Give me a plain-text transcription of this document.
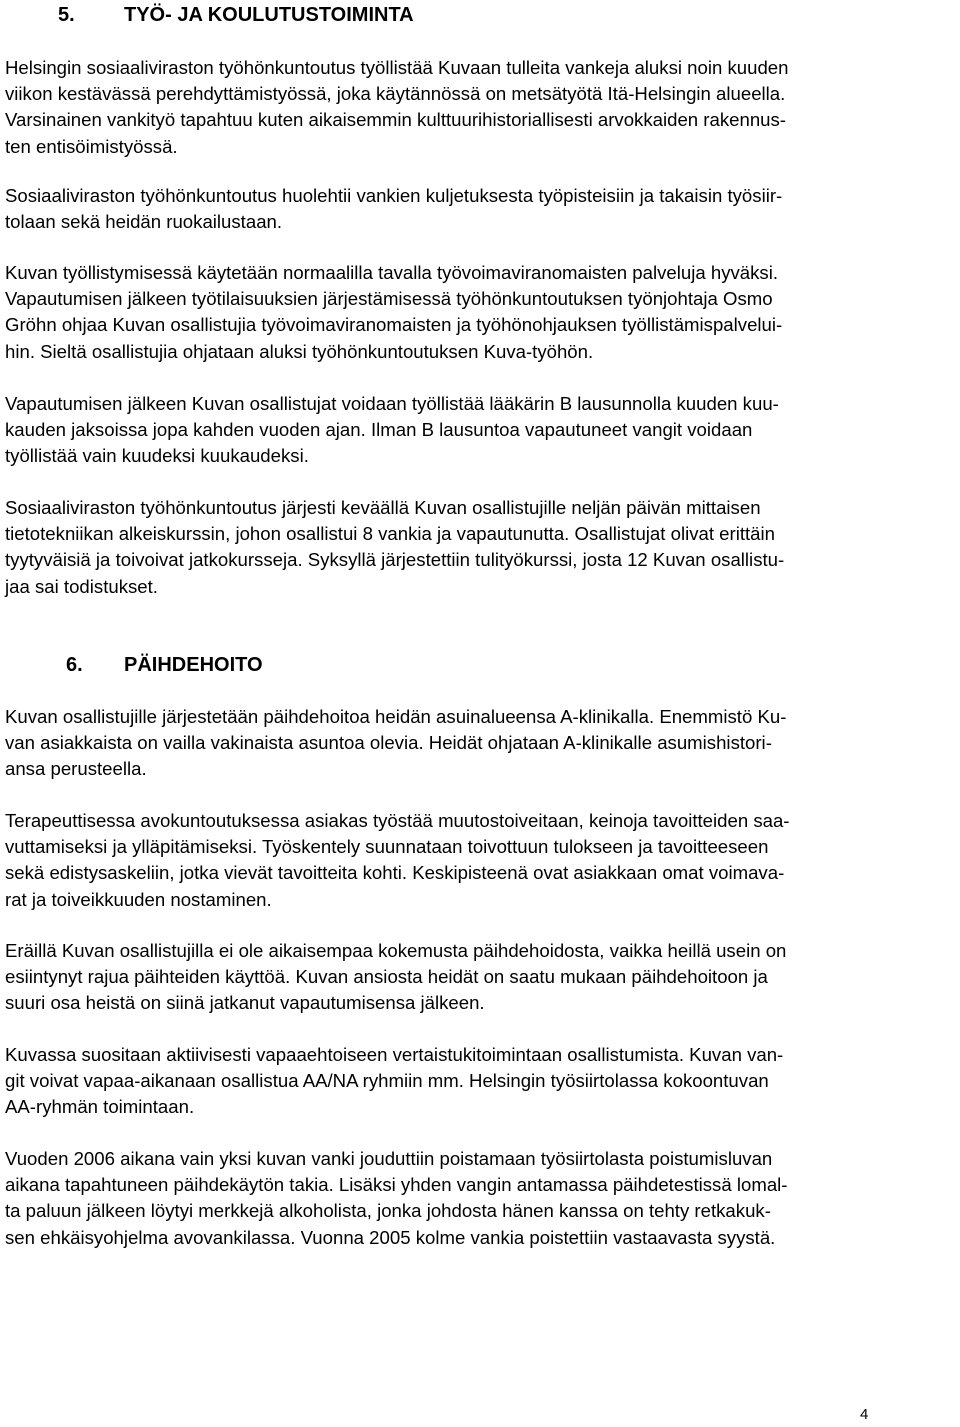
5. TYÖ- JA KOULUTUSTOIMINTA

Helsingin sosiaaliviraston työhönkuntoutus työllistää Kuvaan tulleita vankeja aluksi noin kuuden
viikon kestävässä perehdyttämistyössä, joka käytännössä on metsätyötä Itä-Helsingin alueella.
Varsinainen vankityö tapahtuu kuten aikaisemmin kulttuurihistoriallisesti arvokkaiden rakennus-
ten entisöimistyössä.

Sosiaaliviraston työhönkuntoutus huolehtii vankien kuljetuksesta työpisteisiin ja takaisin työsiir-
tolaan sekä heidän ruokailustaan.

Kuvan työllistymisessä käytetään normaalilla tavalla työvoimaviranomaisten palveluja hyväksi.
Vapautumisen jälkeen työtilaisuuksien järjestämisessä työhönkuntoutuksen työnjohtaja Osmo
Gröhn ohjaa Kuvan osallistujia työvoimaviranomaisten ja työhönohjauksen työllistämispalvelui-
hin. Sieltä osallistujia ohjataan aluksi työhönkuntoutuksen Kuva-työhön.

Vapautumisen jälkeen Kuvan osallistujat voidaan työllistää lääkärin B lausunnolla kuuden kuu-
kauden jaksoissa jopa kahden vuoden ajan. Ilman B lausuntoa vapautuneet vangit voidaan
työllistää vain kuudeksi kuukaudeksi.

Sosiaaliviraston työhönkuntoutus järjesti keväällä Kuvan osallistujille neljän päivän mittaisen
tietotekniikan alkeiskurssin, johon osallistui 8 vankia ja vapautunutta. Osallistujat olivat erittäin
tyytyväisiä ja toivoivat jatkokursseja. Syksyllä järjestettiin tulityökurssi, josta 12 Kuvan osallistu-
jaa sai todistukset.

6. PÄIHDEHOITO

Kuvan osallistujille järjestetään päihdehoitoa heidän asuinalueensa A-klinikalla. Enemmistö Ku-
van asiakkaista on vailla vakinaista asuntoa olevia. Heidät ohjataan A-klinikalle asumishistori-
ansa perusteella.

Terapeuttisessa avokuntoutuksessa asiakas työstää muutostoiveitaan, keinoja tavoitteiden saa-
vuttamiseksi ja ylläpitämiseksi. Työskentely suunnataan toivottuun tulokseen ja tavoitteeseen
sekä edistysaskeliin, jotka vievät tavoitteita kohti. Keskipisteenä ovat asiakkaan omat voimava-
rat ja toiveikkuuden nostaminen.

Eräillä Kuvan osallistujilla ei ole aikaisempaa kokemusta päihdehoidosta, vaikka heillä usein on
esiintynyt rajua päihteiden käyttöä. Kuvan ansiosta heidät on saatu mukaan päihdehoitoon ja
suuri osa heistä on siinä jatkanut vapautumisensa jälkeen.

Kuvassa suositaan aktiivisesti vapaaehtoiseen vertaistukitoimintaan osallistumista. Kuvan van-
git voivat vapaa-aikanaan osallistua AA/NA ryhmiin mm. Helsingin työsiirtolassa kokoontuvan
AA-ryhmän toimintaan.

Vuoden 2006 aikana vain yksi kuvan vanki jouduttiin poistamaan työsiirtolasta poistumisluvan
aikana tapahtuneen päihdekäytön takia. Lisäksi yhden vangin antamassa päihdetestissä lomal-
ta paluun jälkeen löytyi merkkejä alkoholista, jonka johdosta hänen kanssa on tehty retkakuk-
sen ehkäisyohjelma avovankilassa. Vuonna 2005 kolme vankia poistettiin vastaavasta syystä.

4
